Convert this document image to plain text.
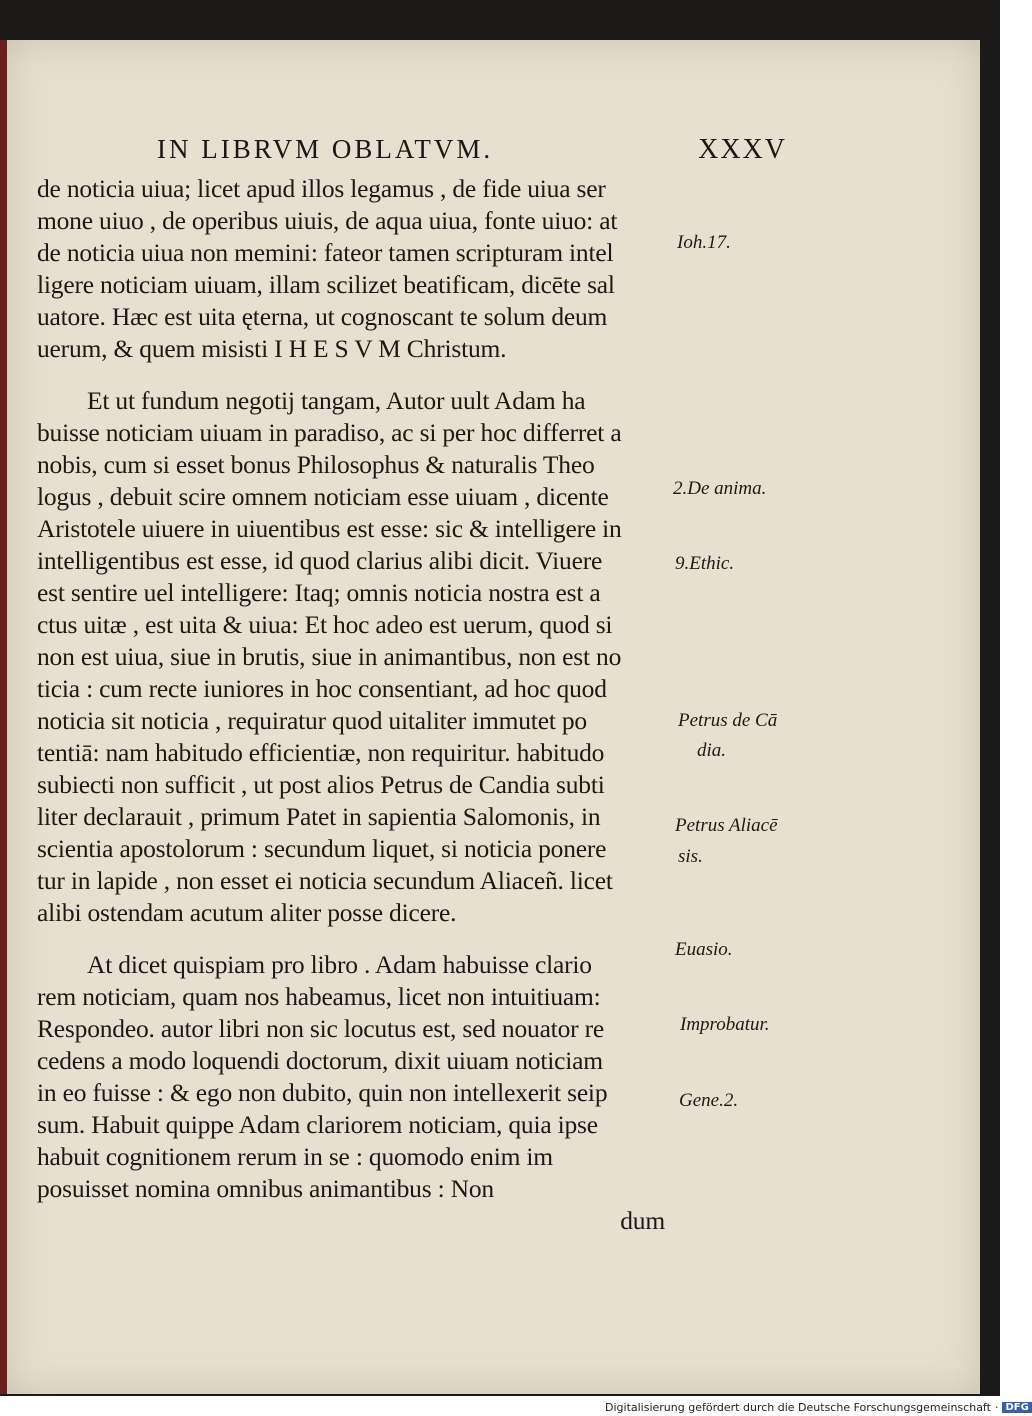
IN LIBRVM OBLATVM.	XXXV
de noticia uiua; licet apud illos legamus , de fide uiua ser
mone uiuo , de operibus uiuis, de aqua uiua, fonte uiuo: at
de noticia uiua non memini: fateor tamen scripturam intel
ligere noticiam uiuam, illam scilizet beatificam, dicēte sal
uatore. Hæc est uita ęterna, ut cognoscant te solum deum
uerum, & quem misisti I H E S V M Christum.
Et ut fundum negotij tangam, Autor uult Adam ha
buisse noticiam uiuam in paradiso, ac si per hoc differret a
nobis, cum si esset bonus Philosophus & naturalis Theo
logus , debuit scire omnem noticiam esse uiuam , dicente
Aristotele uiuere in uiuentibus est esse: sic & intelligere in
intelligentibus est esse, id quod clarius alibi dicit. Viuere
est sentire uel intelligere: Itaq; omnis noticia nostra est a
ctus uitæ , est uita & uiua: Et hoc adeo est uerum, quod si
non est uiua, siue in brutis, siue in animantibus, non est no
ticia : cum recte iuniores in hoc consentiant, ad hoc quod
noticia sit noticia , requiratur quod uitaliter immutet po
tentiā: nam habitudo efficientiæ, non requiritur. habitudo
subiecti non sufficit , ut post alios Petrus de Candia subti
liter declarauit , primum Patet in sapientia Salomonis, in
scientia apostolorum : secundum liquet, si noticia ponere
tur in lapide , non esset ei noticia secundum Aliaceñ. licet
alibi ostendam acutum aliter posse dicere.
At dicet quispiam pro libro . Adam habuisse clario
rem noticiam, quam nos habeamus, licet non intuitiuam:
Respondeo. autor libri non sic locutus est, sed nouator re
cedens a modo loquendi doctorum, dixit uiuam noticiam
in eo fuisse : & ego non dubito, quin non intellexerit seip
sum. Habuit quippe Adam clariorem noticiam, quia ipse
habuit cognitionem rerum in se : quomodo enim im
posuisset nomina omnibus animantibus : Non
dum
Ioh.17.
2.De anima.
9.Ethic.
Petrus de Cā
dia.
Petrus Aliacē
sis.
Euasio.
Improbatur.
Gene.2.
Digitalisierung gefördert durch die Deutsche Forschungsgemeinschaft · DFG
